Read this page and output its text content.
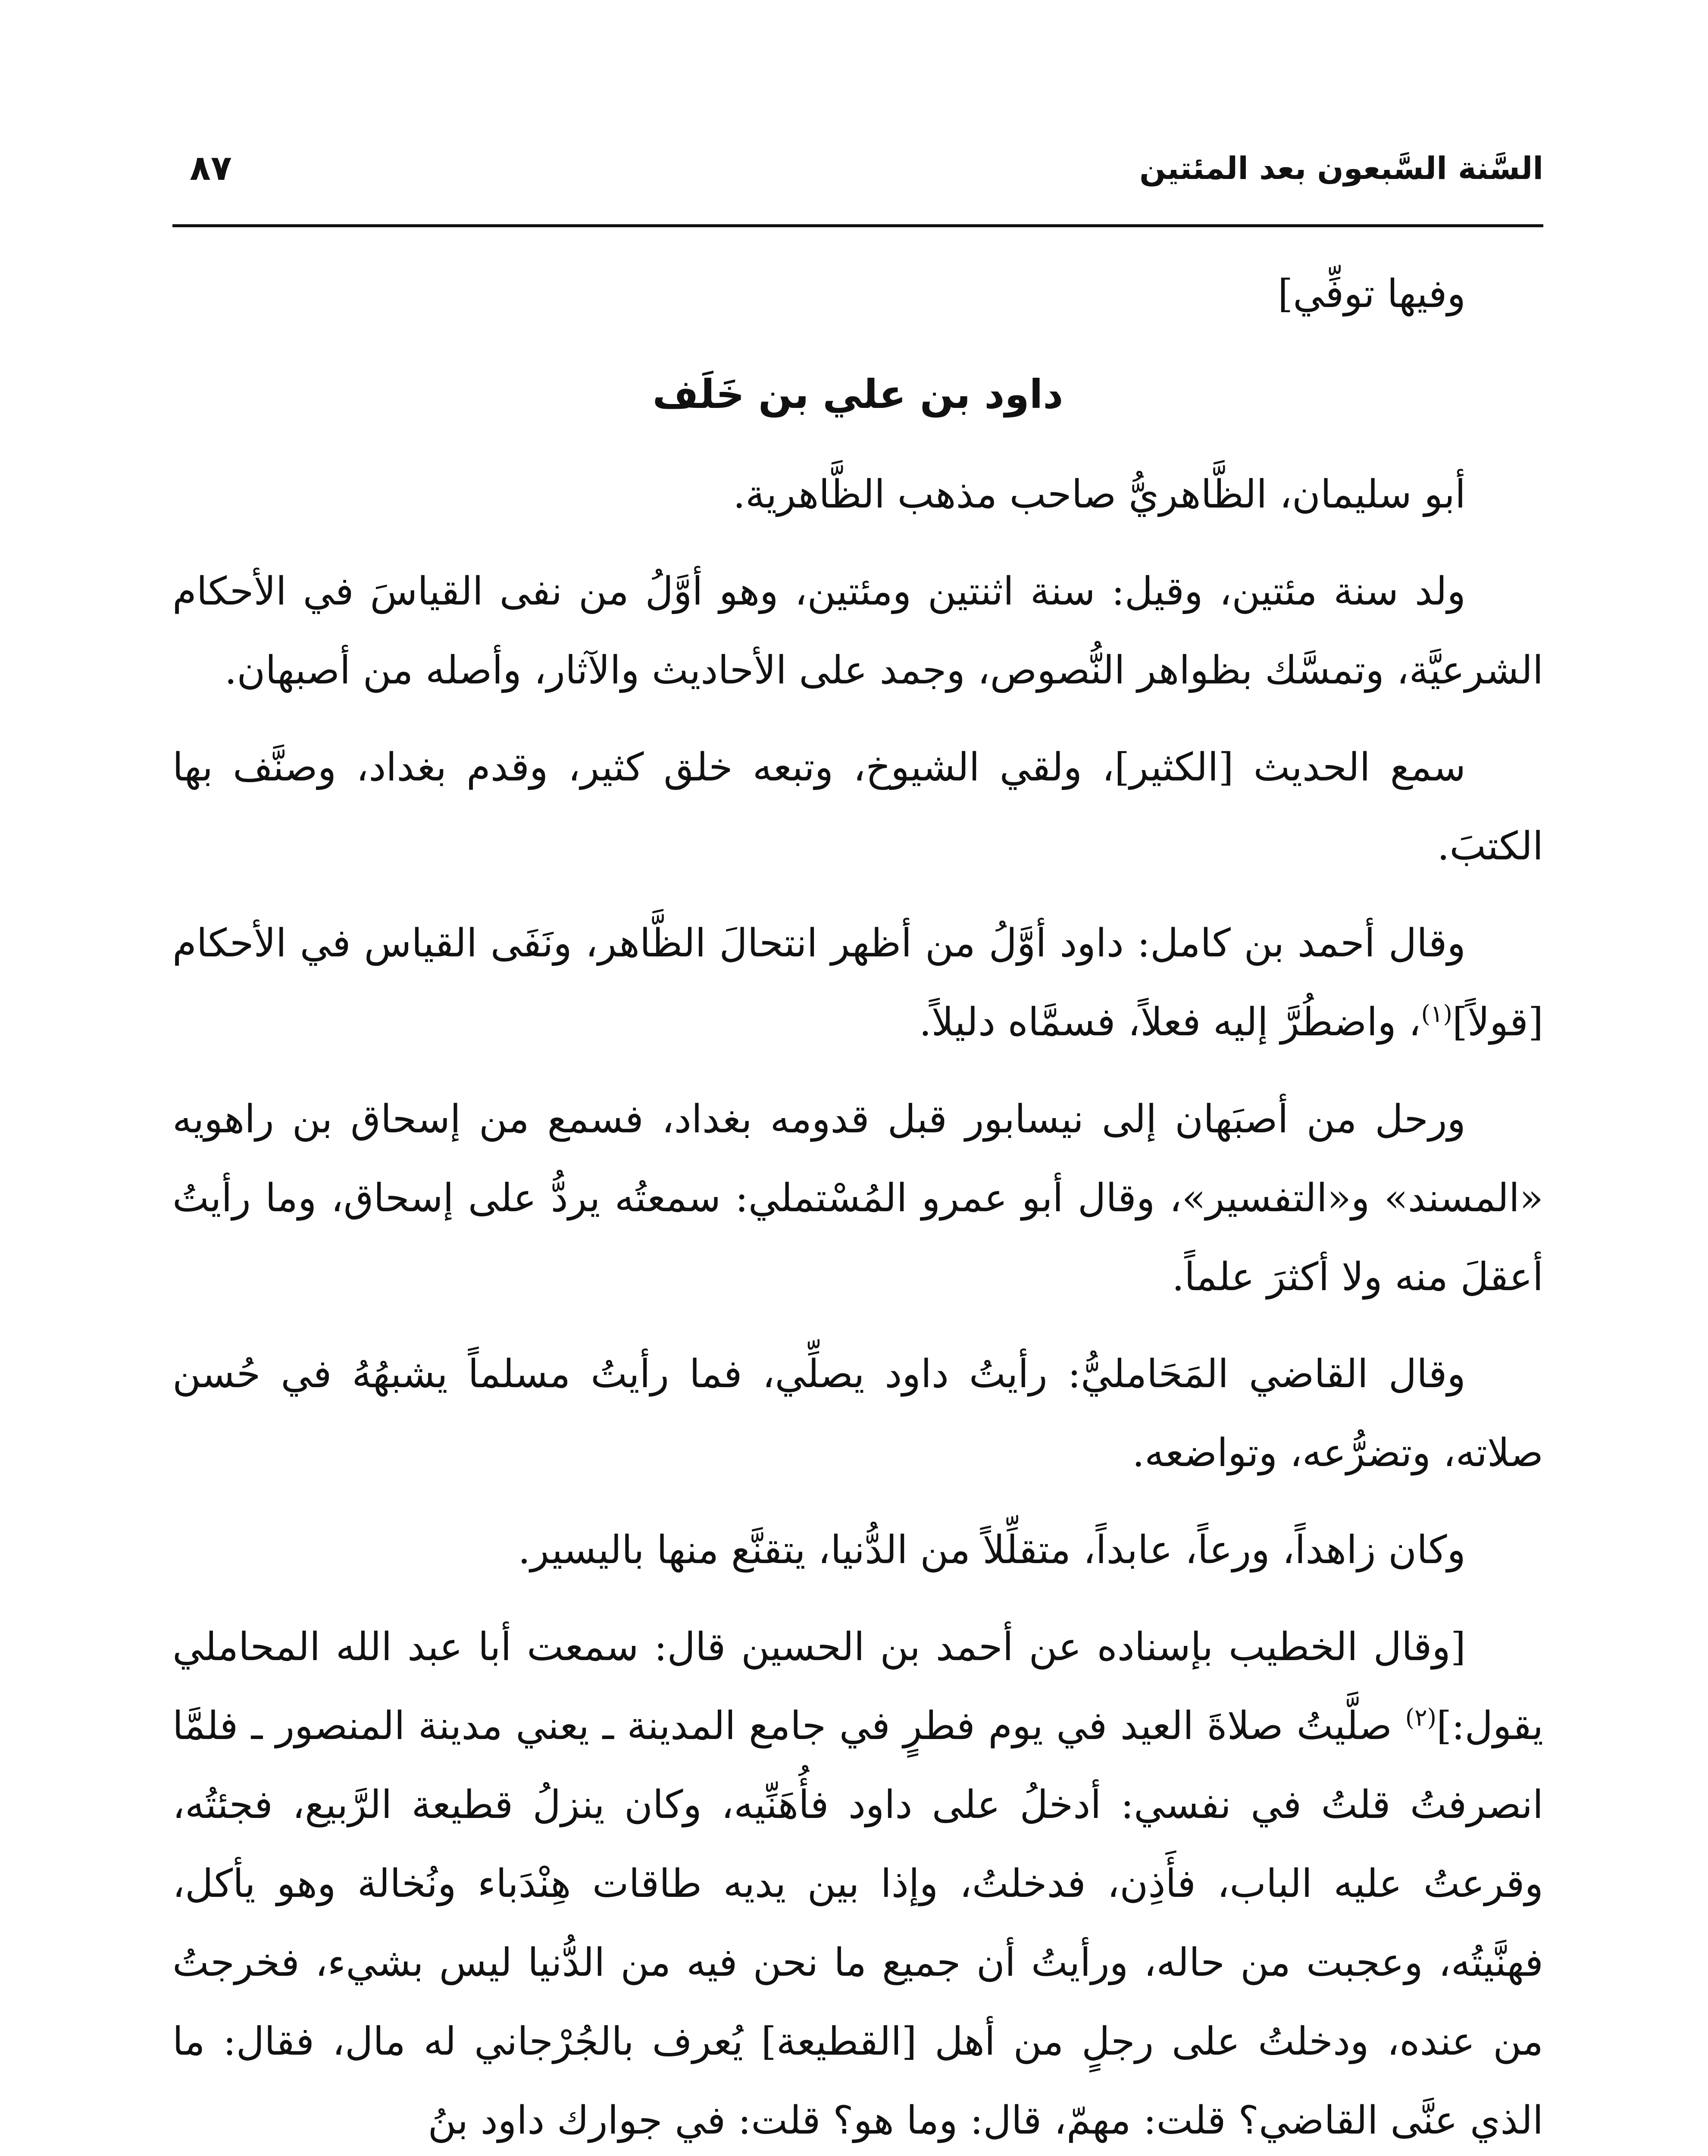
السَّنة السَّبعون بعد المئتين
٨٧

وفيها توفِّي]

داود بن علي بن خَلَف

أبو سليمان، الظَّاهريُّ صاحب مذهب الظَّاهرية.

ولد سنة مئتين، وقيل: سنة اثنتين ومئتين، وهو أوَّلُ من نفى القياسَ في الأحكام الشرعيَّة، وتمسَّك بظواهر النُّصوص، وجمد على الأحاديث والآثار، وأصله من أصبهان.

سمع الحديث [الكثير]، ولقي الشيوخ، وتبعه خلق كثير، وقدم بغداد، وصنَّف بها الكتبَ.

وقال أحمد بن كامل: داود أوَّلُ من أظهر انتحالَ الظَّاهر، ونَفَى القياس في الأحكام [قولاً]$^{(١)}$، واضطُرَّ إليه فعلاً، فسمَّاه دليلاً.

ورحل من أصبَهان إلى نيسابور قبل قدومه بغداد، فسمع من إسحاق بن راهويه «المسند» و«التفسير»، وقال أبو عمرو المُسْتملي: سمعتُه يردُّ على إسحاق، وما رأيتُ أعقلَ منه ولا أكثرَ علماً.

وقال القاضي المَحَامليُّ: رأيتُ داود يصلِّي، فما رأيتُ مسلماً يشبهُهُ في حُسن صلاته، وتضرُّعه، وتواضعه.

وكان زاهداً، ورعاً، عابداً، متقلِّلاً من الدُّنيا، يتقنَّع منها باليسير.

[وقال الخطيب بإسناده عن أحمد بن الحسين قال: سمعت أبا عبد الله المحاملي يقول:]$^{(٢)}$ صلَّيتُ صلاةَ العيد في يوم فطرٍ في جامع المدينة ـ يعني مدينة المنصور ـ فلمَّا انصرفتُ قلتُ في نفسي: أدخلُ على داود فأُهَنِّيه، وكان ينزلُ قطيعة الرَّبيع، فجئتُه، وقرعتُ عليه الباب، فأَذِن، فدخلتُ، وإذا بين يديه طاقات هِنْدَباء ونُخالة وهو يأكل، فهنَّيتُه، وعجبت من حاله، ورأيتُ أن جميع ما نحن فيه من الدُّنيا ليس بشيء، فخرجتُ من عنده، ودخلتُ على رجلٍ من أهل [القطيعة] يُعرف بالجُرْجاني له مال، فقال: ما الذي عنَّى القاضي؟ قلت: مهمّ، قال: وما هو؟ قلت: في جوارك داود بنُ
